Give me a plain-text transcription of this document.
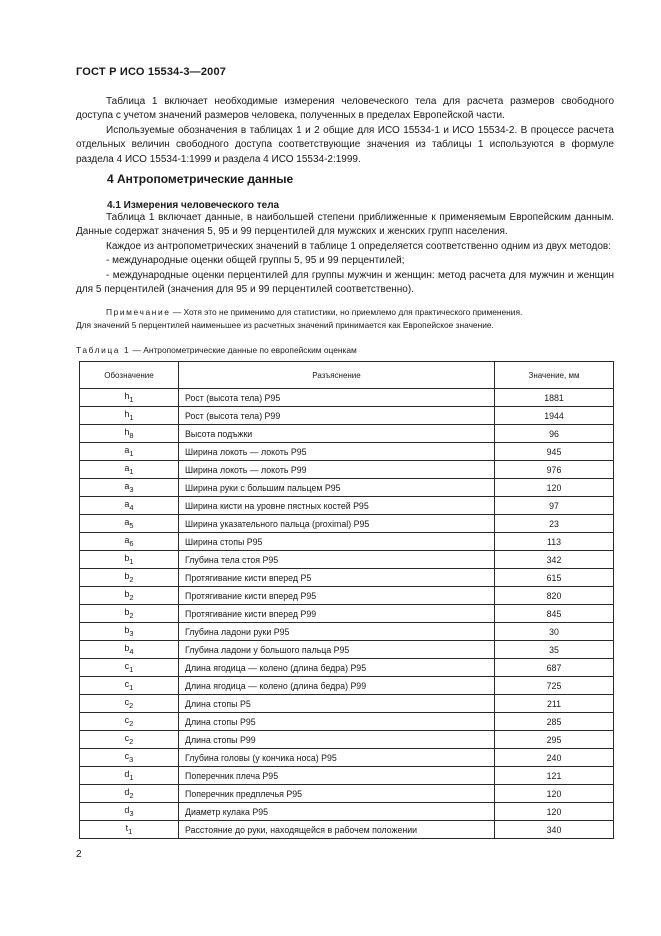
ГОСТ Р ИСО 15534-3—2007

Таблица 1 включает необходимые измерения человеческого тела для расчета размеров свободного доступа с учетом значений размеров человека, полученных в пределах Европейской части.

Используемые обозначения в таблицах 1 и 2 общие для ИСО 15534-1 и ИСО 15534-2. В процессе расчета отдельных величин свободного доступа соответствующие значения из таблицы 1 используются в формуле раздела 4 ИСО 15534-1:1999 и раздела 4 ИСО 15534-2:1999.

4 Антропометрические данные
4.1 Измерения человеческого тела

Таблица 1 включает данные, в наибольшей степени приближенные к применяемым Европейским данным. Данные содержат значения 5, 95 и 99 перцентилей для мужских и женских групп населения.

Каждое из антропометрических значений в таблице 1 определяется соответственно одним из двух методов:

- международные оценки общей группы 5, 95 и 99 перцентилей;

- международные оценки перцентилей для группы мужчин и женщин: метод расчета для мужчин и женщин для 5 перцентилей (значения для 95 и 99 перцентилей соответственно).

Примечание — Хотя это не применимо для статистики, но приемлемо для практического применения.

Для значений 5 перцентилей наименьшее из расчетных значений принимается как Европейское значение.

Таблица 1 — Антропометрические данные по европейским оценкам
Обозначение	Разъяснение	Значение, мм
$h_1$	Рост (высота тела) Р95	1881
$h_1$	Рост (высота тела) Р99	1944
$h_8$	Высота подъжки	96
$a_1$	Ширина локоть — локоть Р95	945
$a_1$	Ширина локоть — локоть Р99	976
$a_3$	Ширина руки с большим пальцем Р95	120
$a_4$	Ширина кисти на уровне пястных костей Р95	97
$a_5$	Ширина указательного пальца (proximal) Р95	23
$a_6$	Ширина стопы Р95	113
$b_1$	Глубина тела стоя Р95	342
$b_2$	Протягивание кисти вперед Р5	615
$b_2$	Протягивание кисти вперед Р95	820
$b_2$	Протягивание кисти вперед Р99	845
$b_3$	Глубина ладони руки Р95	30
$b_4$	Глубина ладони у большого пальца Р95	35
$c_1$	Длина ягодица — колено (длина бедра) Р95	687
$c_1$	Длина ягодица — колено (длина бедра) Р99	725
$c_2$	Длина стопы Р5	211
$c_2$	Длина стопы Р95	285
$c_2$	Длина стопы Р99	295
$c_3$	Глубина головы (у кончика носа) Р95	240
$d_1$	Поперечник плеча Р95	121
$d_2$	Поперечник предплечья Р95	120
$d_3$	Диаметр кулака Р95	120
$t_1$	Расстояние до руки, находящейся в рабочем положении	340
2
